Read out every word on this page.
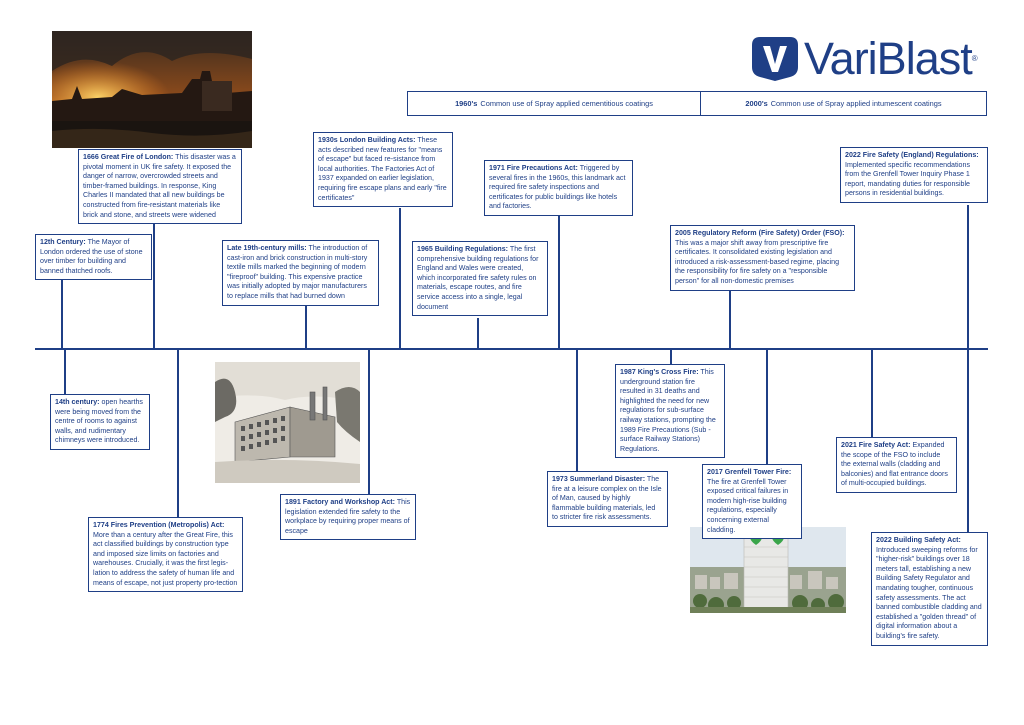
VariBlast®
1960's Common use of Spray applied cementitious coatings	2000's Common use of Spray applied intumescent coatings
12th Century: The Mayor of London ordered the use of stone over timber for building and banned thatched roofs.
1666 Great Fire of London: This disaster was a pivotal moment in UK fire safety. It exposed the danger of narrow, overcrowded streets and timber-framed buildings. In response, King Charles II mandated that all new buildings be constructed from fire-resistant materials like brick and stone, and streets were widened
Late 19th-century mills: The introduction of cast-iron and brick construction in multi-story textile mills marked the beginning of modern "fireproof" building. This expensive practice was initially adopted by major manufacturers to replace mills that had burned down
1930s London Building Acts: These acts described new features for "means of escape" but faced re-sistance from local authorities. The Factories Act of 1937 expanded on earlier legislation, requiring fire escape plans and early "fire certificates"
1965 Building Regulations: The first comprehensive building regulations for England and Wales were created, which incorporated fire safety rules on materials, escape routes, and fire service access into a single, legal document
1971 Fire Precautions Act: Triggered by several fires in the 1960s, this landmark act required fire safety inspections and certificates for public buildings like hotels and factories.
2005 Regulatory Reform (Fire Safety) Order (FSO): This was a major shift away from prescriptive fire certificates. It consolidated existing legislation and introduced a risk-assessment-based regime, placing the responsibility for fire safety on a "responsible person" for all non-domestic premises
2022 Fire Safety (England) Regulations: Implemented specific recommendations from the Grenfell Tower Inquiry Phase 1 report, mandating duties for responsible persons in residential buildings.
14th century: open hearths were being moved from the centre of rooms to against walls, and rudimentary chimneys were introduced.
1774 Fires Prevention (Metropolis) Act: More than a century after the Great Fire, this act classified buildings by construction type and imposed size limits on factories and warehouses. Crucially, it was the first legis-lation to address the safety of human life and means of escape, not just property pro-tection
1891 Factory and Workshop Act: This legislation extended fire safety to the workplace by requiring proper means of escape
1973 Summerland Disaster: The fire at a leisure complex on the Isle of Man, caused by highly flammable building materials, led to stricter fire risk assessments.
1987 King's Cross Fire: This underground station fire resulted in 31 deaths and highlighted the need for new regulations for sub-surface railway stations, prompting the 1989 Fire Precautions (Sub -surface Railway Stations) Regulations.
2017 Grenfell Tower Fire: The fire at Grenfell Tower exposed critical failures in modern high-rise building regulations, especially concerning external cladding.
2021 Fire Safety Act: Expanded the scope of the FSO to include the external walls (cladding and balconies) and flat entrance doors of multi-occupied buildings.
2022 Building Safety Act: Introduced sweeping reforms for "higher-risk" buildings over 18 meters tall, establishing a new Building Safety Regulator and mandating tougher, continuous safety assessments. The act banned combustible cladding and established a "golden thread" of digital information about a building's fire safety.
